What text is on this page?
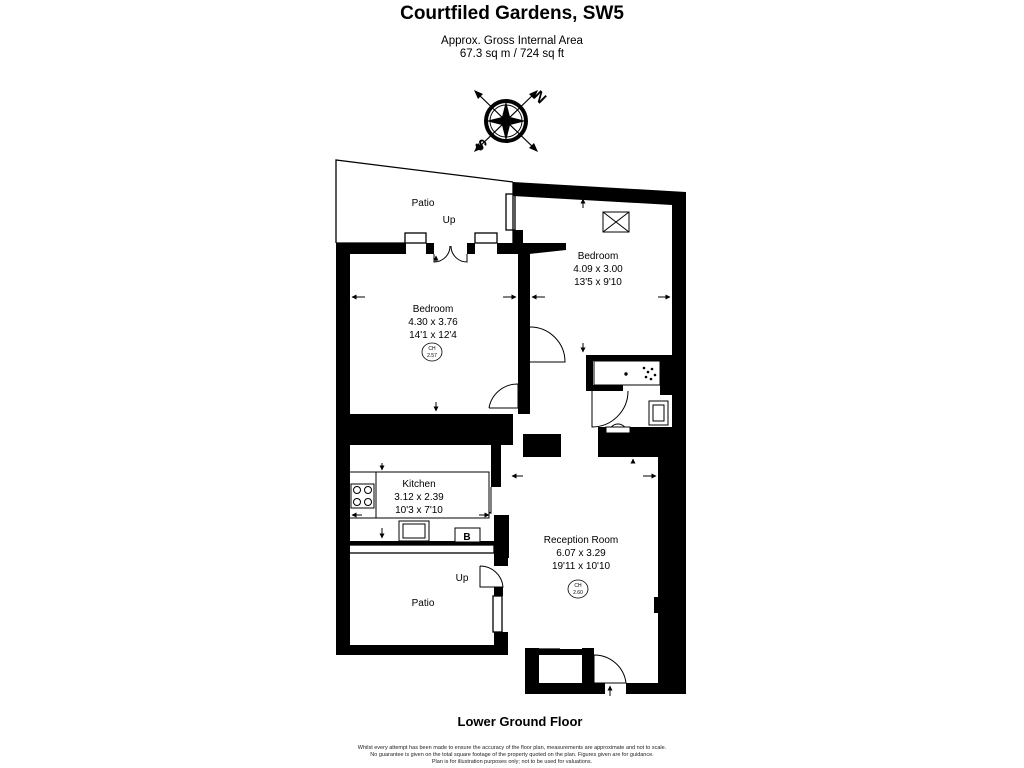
Courtfiled Gardens, SW5
Approx. Gross Internal Area
67.3 sq m / 724 sq ft
N
S
B
Patio
Up
Bedroom
4.30 x 3.76
14'1 x 12'4
CH
2.57
Bedroom
4.09 x 3.00
13'5 x 9'10
Kitchen
3.12 x 2.39
10'3 x 7'10
Reception Room
6.07 x 3.29
19'11 x 10'10
CH
2.60
Up
Patio
Lower Ground Floor
Whilst every attempt has been made to ensure the accuracy of the floor plan, measurements are approximate and not to scale.
No guarantee is given on the total square footage of the property quoted on the plan. Figures given are for guidance.
Plan is for illustration purposes only; not to be used for valuations.
